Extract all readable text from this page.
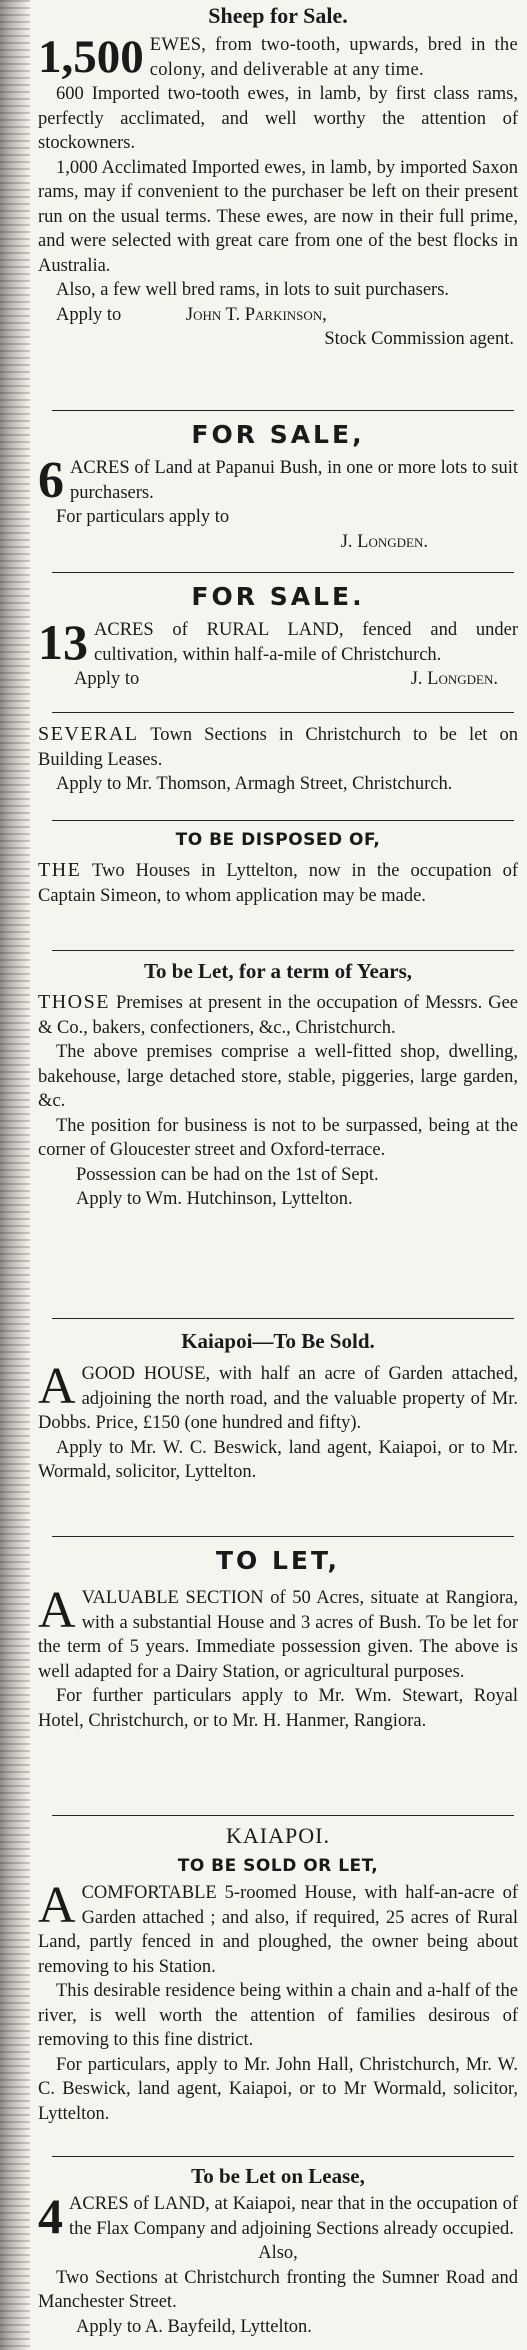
Sheep for Sale.

1,500 EWES, from two-tooth, upwards, bred in the colony, and deliverable at any time.

600 Imported two-tooth ewes, in lamb, by first class rams, perfectly acclimated, and well worthy the attention of stockowners.

1,000 Acclimated Imported ewes, in lamb, by imported Saxon rams, may if convenient to the purchaser be left on their present run on the usual terms. These ewes, are now in their full prime, and were selected with great care from one of the best flocks in Australia.

Also, a few well bred rams, in lots to suit purchasers.

Apply to	John T. Parkinson,

Stock Commission agent.

FOR SALE,

6 ACRES of Land at Papanui Bush, in one or more lots to suit purchasers.

For particulars apply to

J. Longden.

FOR SALE.

13 ACRES of RURAL LAND, fenced and under cultivation, within half-a-mile of Christchurch.

Apply to	J. Longden.

SEVERAL Town Sections in Christchurch to be let on Building Leases.

Apply to Mr. Thomson, Armagh Street, Christchurch.

TO BE DISPOSED OF,

THE Two Houses in Lyttelton, now in the occupation of Captain Simeon, to whom application may be made.

To be Let, for a term of Years,

THOSE Premises at present in the occupation of Messrs. Gee & Co., bakers, confectioners, &c., Christchurch.

The above premises comprise a well-fitted shop, dwelling, bakehouse, large detached store, stable, piggeries, large garden, &c.

The position for business is not to be surpassed, being at the corner of Gloucester street and Oxford-terrace.

Possession can be had on the 1st of Sept.

Apply to Wm. Hutchinson, Lyttelton.

Kaiapoi—To Be Sold.

A GOOD HOUSE, with half an acre of Garden attached, adjoining the north road, and the valuable property of Mr. Dobbs. Price, £150 (one hundred and fifty).

Apply to Mr. W. C. Beswick, land agent, Kaiapoi, or to Mr. Wormald, solicitor, Lyttelton.

TO LET,

A VALUABLE SECTION of 50 Acres, situate at Rangiora, with a substantial House and 3 acres of Bush. To be let for the term of 5 years. Immediate possession given. The above is well adapted for a Dairy Station, or agricultural purposes.

For further particulars apply to Mr. Wm. Stewart, Royal Hotel, Christchurch, or to Mr. H. Hanmer, Rangiora.

KAIAPOI.
TO BE SOLD OR LET,

A COMFORTABLE 5-roomed House, with half-an-acre of Garden attached ; and also, if required, 25 acres of Rural Land, partly fenced in and ploughed, the owner being about removing to his Station.

This desirable residence being within a chain and a-half of the river, is well worth the attention of families desirous of removing to this fine district.

For particulars, apply to Mr. John Hall, Christchurch, Mr. W. C. Beswick, land agent, Kaiapoi, or to Mr Wormald, solicitor, Lyttelton.

To be Let on Lease,

4 ACRES of LAND, at Kaiapoi, near that in the occupation of the Flax Company and adjoining Sections already occupied.

Also,

Two Sections at Christchurch fronting the Sumner Road and Manchester Street.

Apply to A. Bayfeild, Lyttelton.
